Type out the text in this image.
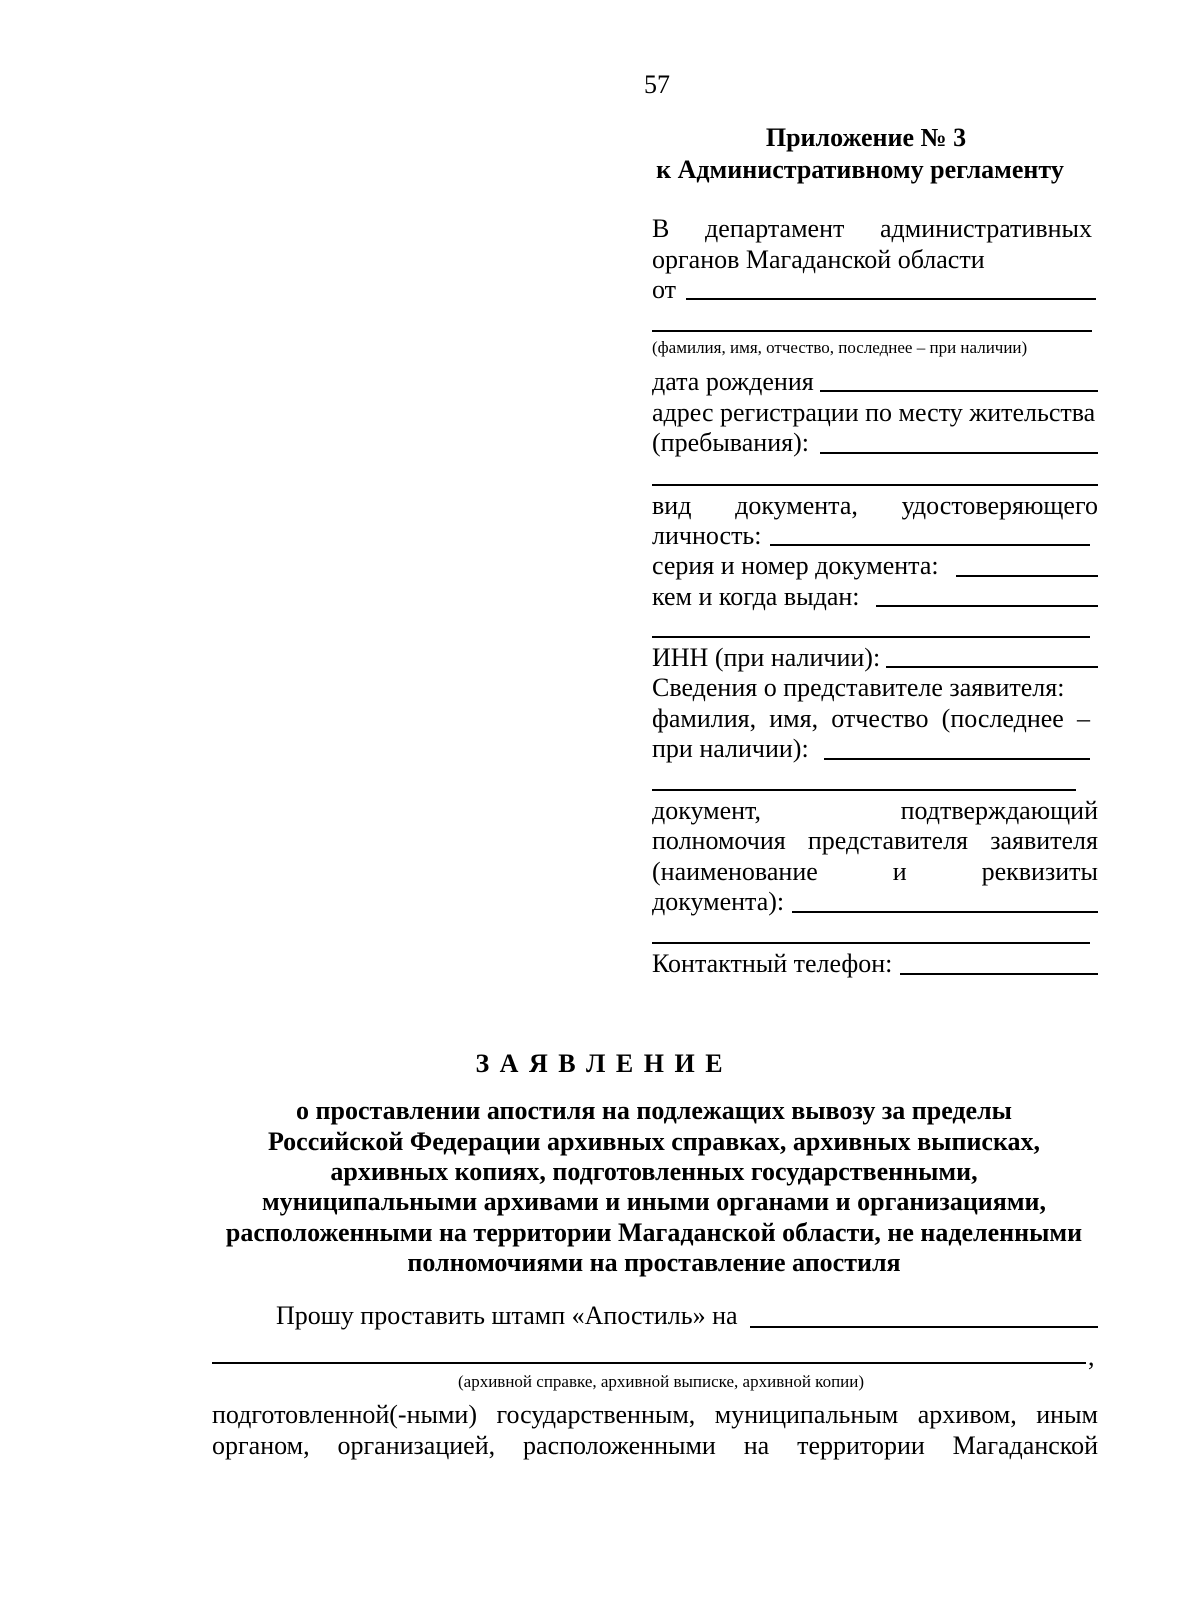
57
Приложение № 3
к Административному регламенту
В департамент административных
органов Магаданской области
от
(фамилия, имя, отчество, последнее – при наличии)
дата рождения
адрес регистрации по месту жительства
(пребывания):
вид документа, удостоверяющего
личность:
серия и номер документа:
кем и когда выдан:
ИНН (при наличии):
Сведения о представителе заявителя:
фамилия, имя, отчество (последнее –
при наличии):
документ, подтверждающий
полномочия представителя заявителя
(наименование и реквизиты
документа):
Контактный телефон:
З А Я В Л Е Н И Е
о проставлении апостиля на подлежащих вывозу за пределы
Российской Федерации архивных справках, архивных выписках,
архивных копиях, подготовленных государственными,
муниципальными архивами и иными органами и организациями,
расположенными на территории Магаданской области, не наделенными
полномочиями на проставление апостиля
Прошу проставить штамп «Апостиль» на
,
(архивной справке, архивной выписке, архивной копии)
подготовленной(-ными) государственным, муниципальным архивом, иным
органом, организацией, расположенными на территории Магаданской
